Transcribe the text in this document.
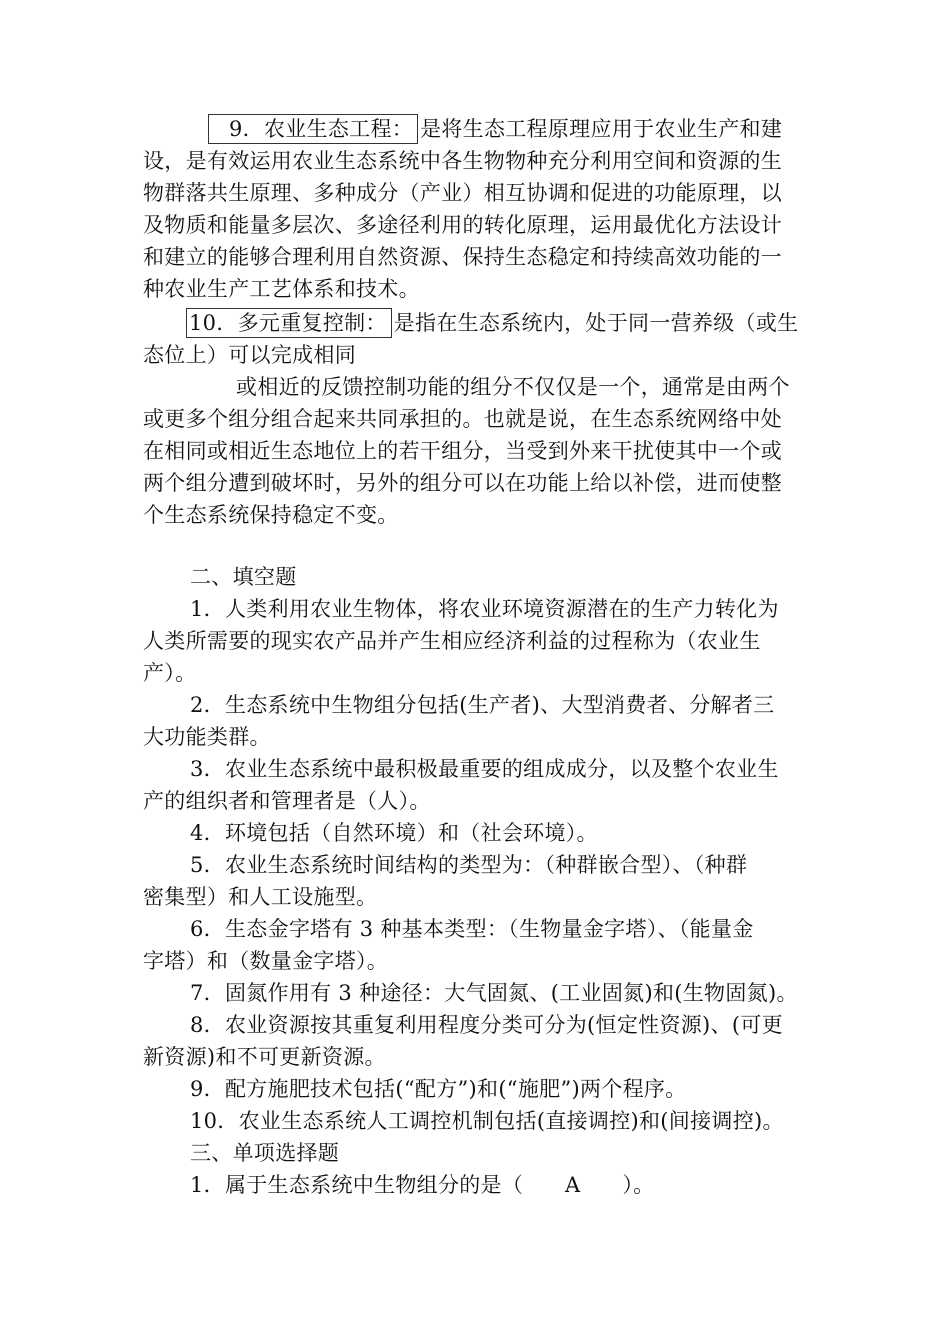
9．农业生态工程： 是将生态工程原理应用于农业生产和建
设，是有效运用农业生态系统中各生物物种充分利用空间和资源的生
物群落共生原理、多种成分（产业）相互协调和促进的功能原理，以
及物质和能量多层次、多途径利用的转化原理，运用最优化方法设计
和建立的能够合理利用自然资源、保持生态稳定和持续高效功能的一
种农业生产工艺体系和技术。
10．多元重复控制： 是指在生态系统内，处于同一营养级（或生
态位上）可以完成相同
或相近的反馈控制功能的组分不仅仅是一个，通常是由两个
或更多个组分组合起来共同承担的。也就是说，在生态系统网络中处
在相同或相近生态地位上的若干组分，当受到外来干扰使其中一个或
两个组分遭到破坏时，另外的组分可以在功能上给以补偿，进而使整
个生态系统保持稳定不变。
二、填空题
1．人类利用农业生物体，将农业环境资源潜在的生产力转化为
人类所需要的现实农产品并产生相应经济利益的过程称为（农业生
产）。
2．生态系统中生物组分包括(生产者)、大型消费者、分解者三
大功能类群。
3．农业生态系统中最积极最重要的组成成分，以及整个农业生
产的组织者和管理者是（人）。
4．环境包括（自然环境）和（社会环境）。
5．农业生态系统时间结构的类型为：（种群嵌合型）、（种群
密集型）和人工设施型。
6．生态金字塔有 3 种基本类型：（生物量金字塔）、（能量金
字塔）和（数量金字塔）。
7．固氮作用有 3 种途径：大气固氮、(工业固氮)和(生物固氮)。
8．农业资源按其重复利用程度分类可分为(恒定性资源)、(可更
新资源)和不可更新资源。
9．配方施肥技术包括(“配方”)和(“施肥”)两个程序。
10．农业生态系统人工调控机制包括(直接调控)和(间接调控)。
三、单项选择题
1．属于生态系统中生物组分的是（      A      ）。
